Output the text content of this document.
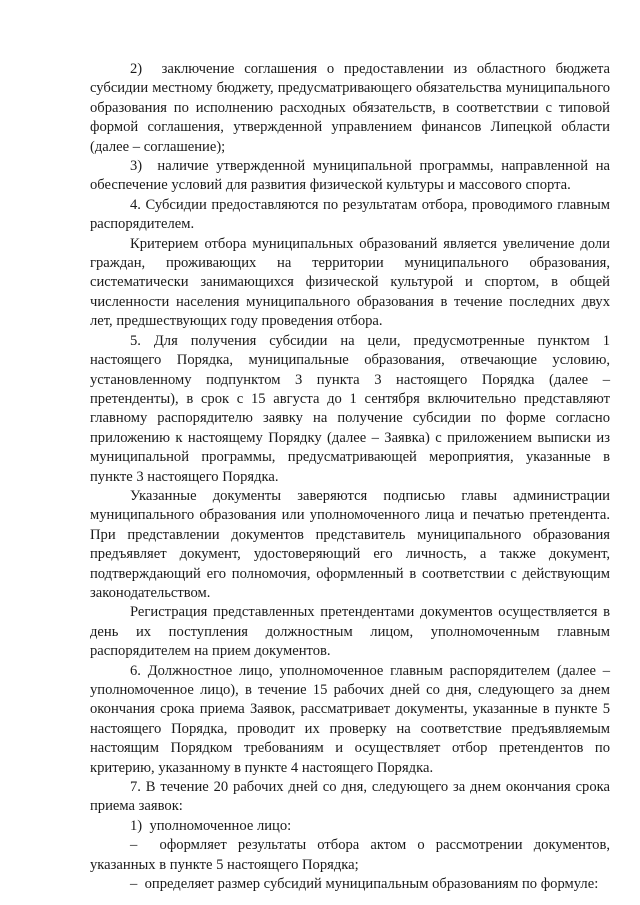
2)  заключение соглашения о предоставлении из областного бюджета субсидии местному бюджету, предусматривающего обязательства муниципального образования по исполнению расходных обязательств, в соответствии с типовой формой соглашения, утвержденной управлением финансов Липецкой области (далее – соглашение);

3)  наличие утвержденной муниципальной программы, направленной на обеспечение условий для развития физической культуры и массового спорта.

4. Субсидии предоставляются по результатам отбора, проводимого главным распорядителем.

Критерием отбора муниципальных образований является увеличение доли граждан, проживающих на территории муниципального образования, систематически занимающихся физической культурой и спортом, в общей численности населения муниципального образования в течение последних двух лет, предшествующих году проведения отбора.

5. Для получения субсидии на цели, предусмотренные пунктом 1 настоящего Порядка, муниципальные образования, отвечающие условию, установленному подпунктом 3 пункта 3 настоящего Порядка (далее – претенденты), в срок с 15 августа до 1 сентября включительно представляют главному распорядителю заявку на получение субсидии по форме согласно приложению к настоящему Порядку (далее – Заявка) с приложением выписки из муниципальной программы, предусматривающей мероприятия, указанные в пункте 3 настоящего Порядка.

Указанные документы заверяются подписью главы администрации муниципального образования или уполномоченного лица и печатью претендента. При представлении документов представитель муниципального образования предъявляет документ, удостоверяющий его личность, а также документ, подтверждающий его полномочия, оформленный в соответствии с действующим законодательством.

Регистрация представленных претендентами документов осуществляется в день их поступления должностным лицом, уполномоченным главным распорядителем на прием документов.

6. Должностное лицо, уполномоченное главным распорядителем (далее – уполномоченное лицо), в течение 15 рабочих дней со дня, следующего за днем окончания срока приема Заявок, рассматривает документы, указанные в пункте 5 настоящего Порядка, проводит их проверку на соответствие предъявляемым настоящим Порядком требованиям и осуществляет отбор претендентов по критерию, указанному в пункте 4 настоящего Порядка.

7. В течение 20 рабочих дней со дня, следующего за днем окончания срока приема заявок:

1)  уполномоченное лицо:

–  оформляет результаты отбора актом о рассмотрении документов, указанных в пункте 5 настоящего Порядка;

–  определяет размер субсидий муниципальным образованиям по формуле:
